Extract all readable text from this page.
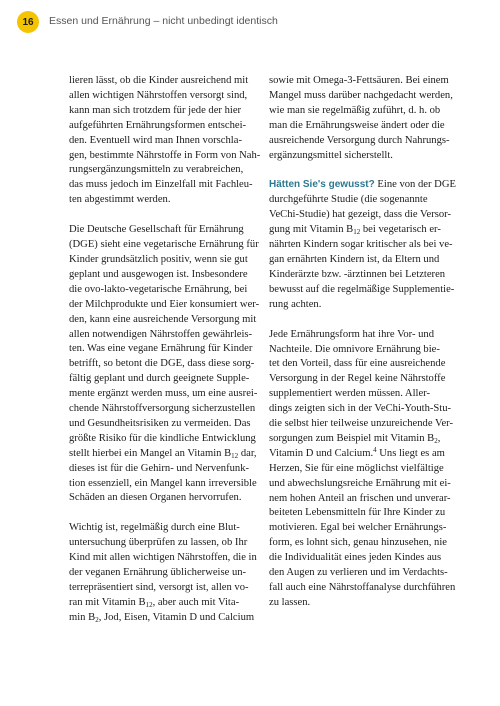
16	Essen und Ernährung – nicht unbedingt identisch

lieren lässt, ob die Kinder ausreichend mit
allen wichtigen Nährstoffen versorgt sind,
kann man sich trotzdem für jede der hier
aufgeführten Ernährungsformen entschei-
den. Eventuell wird man Ihnen vorschla-
gen, bestimmte Nährstoffe in Form von Nah-
rungsergänzungsmitteln zu verabreichen,
das muss jedoch im Einzelfall mit Fachleu-
ten abgestimmt werden.

Die Deutsche Gesellschaft für Ernährung
(DGE) sieht eine vegetarische Ernährung für
Kinder grundsätzlich positiv, wenn sie gut
geplant und ausgewogen ist. Insbesondere
die ovo-lakto-vegetarische Ernährung, bei
der Milchprodukte und Eier konsumiert wer-
den, kann eine ausreichende Versorgung mit
allen notwendigen Nährstoffen gewährleis-
ten. Was eine vegane Ernährung für Kinder
betrifft, so betont die DGE, dass diese sorg-
fältig geplant und durch geeignete Supple-
mente ergänzt werden muss, um eine ausrei-
chende Nährstoffversorgung sicherzustellen
und Gesundheitsrisiken zu vermeiden. Das
größte Risiko für die kindliche Entwicklung
stellt hierbei ein Mangel an Vitamin $B_{12}$ dar,
dieses ist für die Gehirn- und Nervenfunk-
tion essenziell, ein Mangel kann irreversible
Schäden an diesen Organen hervorrufen.

Wichtig ist, regelmäßig durch eine Blut-
untersuchung überprüfen zu lassen, ob Ihr
Kind mit allen wichtigen Nährstoffen, die in
der veganen Ernährung üblicherweise un-
terrepräsentiert sind, versorgt ist, allen vo-
ran mit Vitamin $B_{12}$, aber auch mit Vita-
$\min B_2$, Jod, Eisen, Vitamin D und Calcium

sowie mit Omega-3-Fettsäuren. Bei einem
Mangel muss darüber nachgedacht werden,
wie man sie regelmäßig zuführt, d. h. ob
man die Ernährungsweise ändert oder die
ausreichende Versorgung durch Nahrungs-
ergänzungsmittel sicherstellt.

Hätten Sie's gewusst? Eine von der DGE
durchgeführte Studie (die sogenannte
VeChi-Studie) hat gezeigt, dass die Versor-
gung mit Vitamin $B_{12}$ bei vegetarisch er-
nährten Kindern sogar kritischer als bei ve-
gan ernährten Kindern ist, da Eltern und
Kinderärzte bzw. -ärztinnen bei Letzteren
bewusst auf die regelmäßige Supplementie-
rung achten.

Jede Ernährungsform hat ihre Vor- und
Nachteile. Die omnivore Ernährung bie-
tet den Vorteil, dass für eine ausreichende
Versorgung in der Regel keine Nährstoffe
supplementiert werden müssen. Aller-
dings zeigten sich in der VeChi-Youth-Stu-
die selbst hier teilweise unzureichende Ver-
sorgungen zum Beispiel mit Vitamin $B_2$,
Vitamin D und Calcium.$^4$ Uns liegt es am
Herzen, Sie für eine möglichst vielfältige
und abwechslungsreiche Ernährung mit ei-
nem hohen Anteil an frischen und unverar-
beiteten Lebensmitteln für Ihre Kinder zu
motivieren. Egal bei welcher Ernährungs-
form, es lohnt sich, genau hinzusehen, nie
die Individualität eines jeden Kindes aus
den Augen zu verlieren und im Verdachts-
fall auch eine Nährstoffanalyse durchführen
zu lassen.
